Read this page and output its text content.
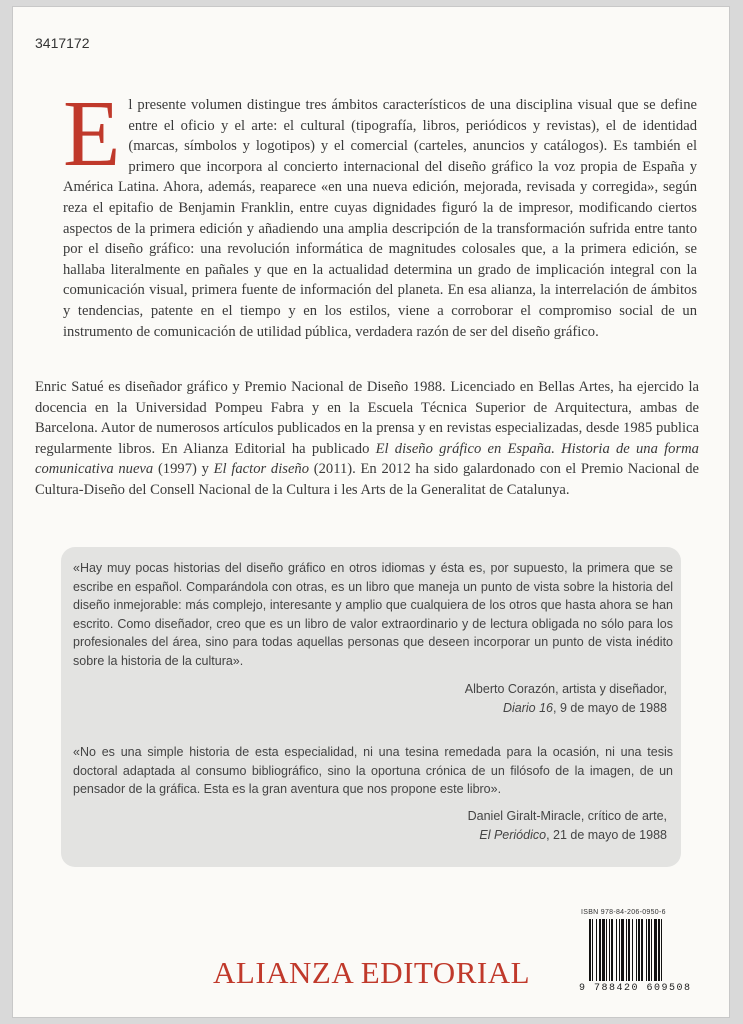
3417172

El presente volumen distingue tres ámbitos característicos de una disciplina visual que se define entre el oficio y el arte: el cultural (tipografía, libros, periódicos y revistas), el de identidad (marcas, símbolos y logotipos) y el comercial (carteles, anuncios y catálogos). Es también el primero que incorpora al concierto internacional del diseño gráfico la voz propia de España y América Latina. Ahora, además, reaparece «en una nueva edición, mejorada, revisada y corregida», según reza el epitafio de Benjamin Franklin, entre cuyas dignidades figuró la de impresor, modificando ciertos aspectos de la primera edición y añadiendo una amplia descripción de la transformación sufrida entre tanto por el diseño gráfico: una revolución informática de magnitudes colosales que, a la primera edición, se hallaba literalmente en pañales y que en la actualidad determina un grado de implicación integral con la comunicación visual, primera fuente de información del planeta. En esa alianza, la interrelación de ámbitos y tendencias, patente en el tiempo y en los estilos, viene a corroborar el compromiso social de un instrumento de comunicación de utilidad pública, verdadera razón de ser del diseño gráfico.

Enric Satué es diseñador gráfico y Premio Nacional de Diseño 1988. Licenciado en Bellas Artes, ha ejercido la docencia en la Universidad Pompeu Fabra y en la Escuela Técnica Superior de Arquitectura, ambas de Barcelona. Autor de numerosos artículos publicados en la prensa y en revistas especializadas, desde 1985 publica regularmente libros. En Alianza Editorial ha publicado El diseño gráfico en España. Historia de una forma comunicativa nueva (1997) y El factor diseño (2011). En 2012 ha sido galardonado con el Premio Nacional de Cultura-Diseño del Consell Nacional de la Cultura i les Arts de la Generalitat de Catalunya.

«Hay muy pocas historias del diseño gráfico en otros idiomas y ésta es, por supuesto, la primera que se escribe en español. Comparándola con otras, es un libro que maneja un punto de vista sobre la historia del diseño inmejorable: más complejo, interesante y amplio que cualquiera de los otros que hasta ahora se han escrito. Como diseñador, creo que es un libro de valor extraordinario y de lectura obligada no sólo para los profesionales del área, sino para todas aquellas personas que deseen incorporar un punto de vista inédito sobre la historia de la cultura».

Alberto Corazón, artista y diseñador,
Diario 16, 9 de mayo de 1988

«No es una simple historia de esta especialidad, ni una tesina remedada para la ocasión, ni una tesis doctoral adaptada al consumo bibliográfico, sino la oportuna crónica de un filósofo de la imagen, de un pensador de la gráfica. Esta es la gran aventura que nos propone este libro».

Daniel Giralt-Miracle, crítico de arte,
El Periódico, 21 de mayo de 1988

ISBN 978-84-206-0950-6
9 788420 609508
ALIANZA EDITORIAL
